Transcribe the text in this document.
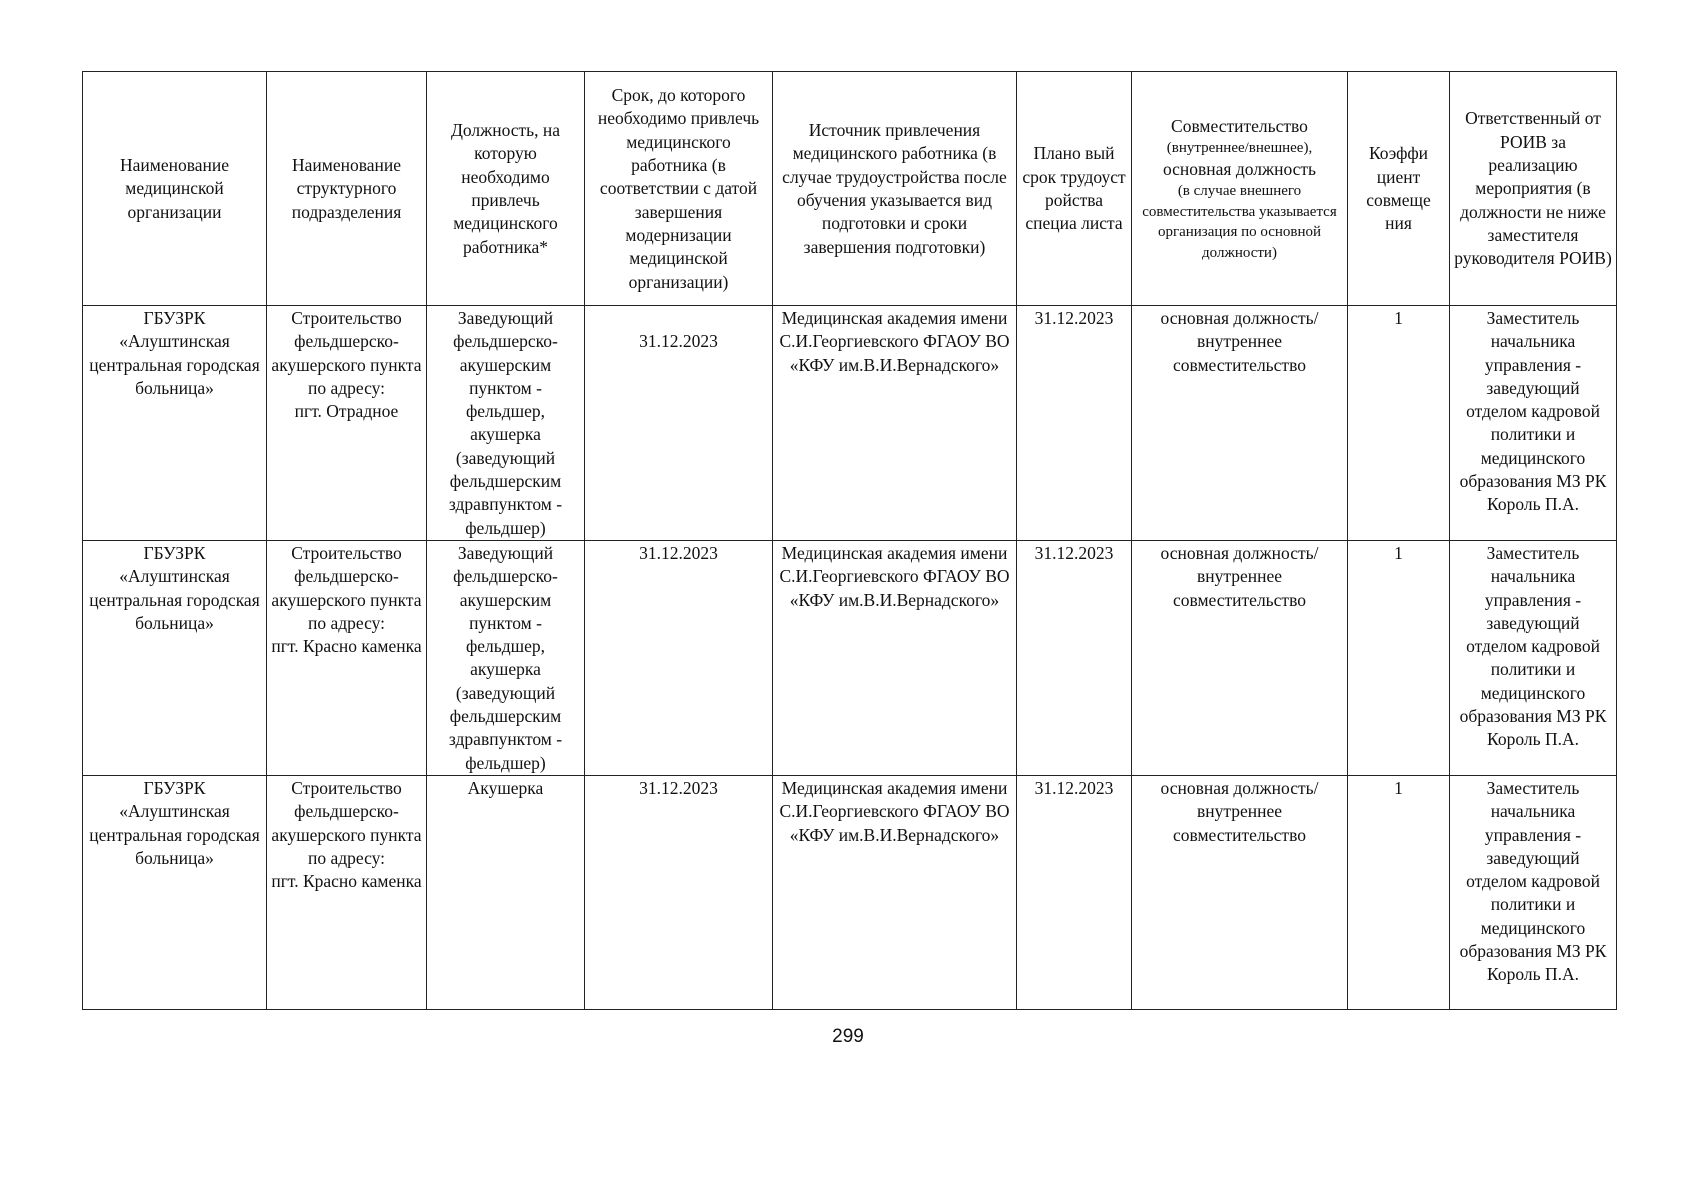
Наименование медицинской организации	Наименование структурного подразделения	Должность, на которую необходимо привлечь медицинского работника*	Срок, до которого необходимо привлечь медицинского работника (в соответствии с датой завершения модернизации медицинской организации)	Источник привлечения медицинского работника (в случае трудоустройства после обучения указывается вид подготовки и сроки завершения подготовки)	Плано вый срок трудоуст ройства специа листа	Совместительство
(внутреннее/внешнее),
основная должность
(в случае внешнего совместительства указывается организация по основной должности)	Коэффи циент совмеще ния	Ответственный от РОИВ за реализацию мероприятия (в должности не ниже заместителя руководителя РОИВ)

ГБУЗРК
«Алуштинская центральная городская больница»	Строительство фельдшерско-акушерского пункта по адресу:
пгт. Отрадное	Заведующий фельдшерско-акушерским пунктом - фельдшер, акушерка (заведующий фельдшерским здравпунктом - фельдшер)	31.12.2023	Медицинская академия имени С.И.Георгиевского ФГАОУ ВО «КФУ им.В.И.Вернадского»	31.12.2023	основная должность/ внутреннее совместительство	1	Заместитель начальника управления - заведующий отделом кадровой политики и медицинского образования МЗ РК Король П.А.

ГБУЗРК
«Алуштинская центральная городская больница»	Строительство фельдшерско-акушерского пункта по адресу:
пгт. Красно каменка	Заведующий фельдшерско-акушерским пунктом - фельдшер, акушерка (заведующий фельдшерским здравпунктом - фельдшер)	31.12.2023	Медицинская академия имени С.И.Георгиевского ФГАОУ ВО «КФУ им.В.И.Вернадского»	31.12.2023	основная должность/ внутреннее совместительство	1	Заместитель начальника управления - заведующий отделом кадровой политики и медицинского образования МЗ РК Король П.А.

ГБУЗРК
«Алуштинская центральная городская больница»	Строительство фельдшерско-акушерского пункта по адресу:
пгт. Красно каменка	Акушерка	31.12.2023	Медицинская академия имени С.И.Георгиевского ФГАОУ ВО «КФУ им.В.И.Вернадского»	31.12.2023	основная должность/ внутреннее совместительство	1	Заместитель начальника управления - заведующий отделом кадровой политики и медицинского образования МЗ РК Король П.А.
299
